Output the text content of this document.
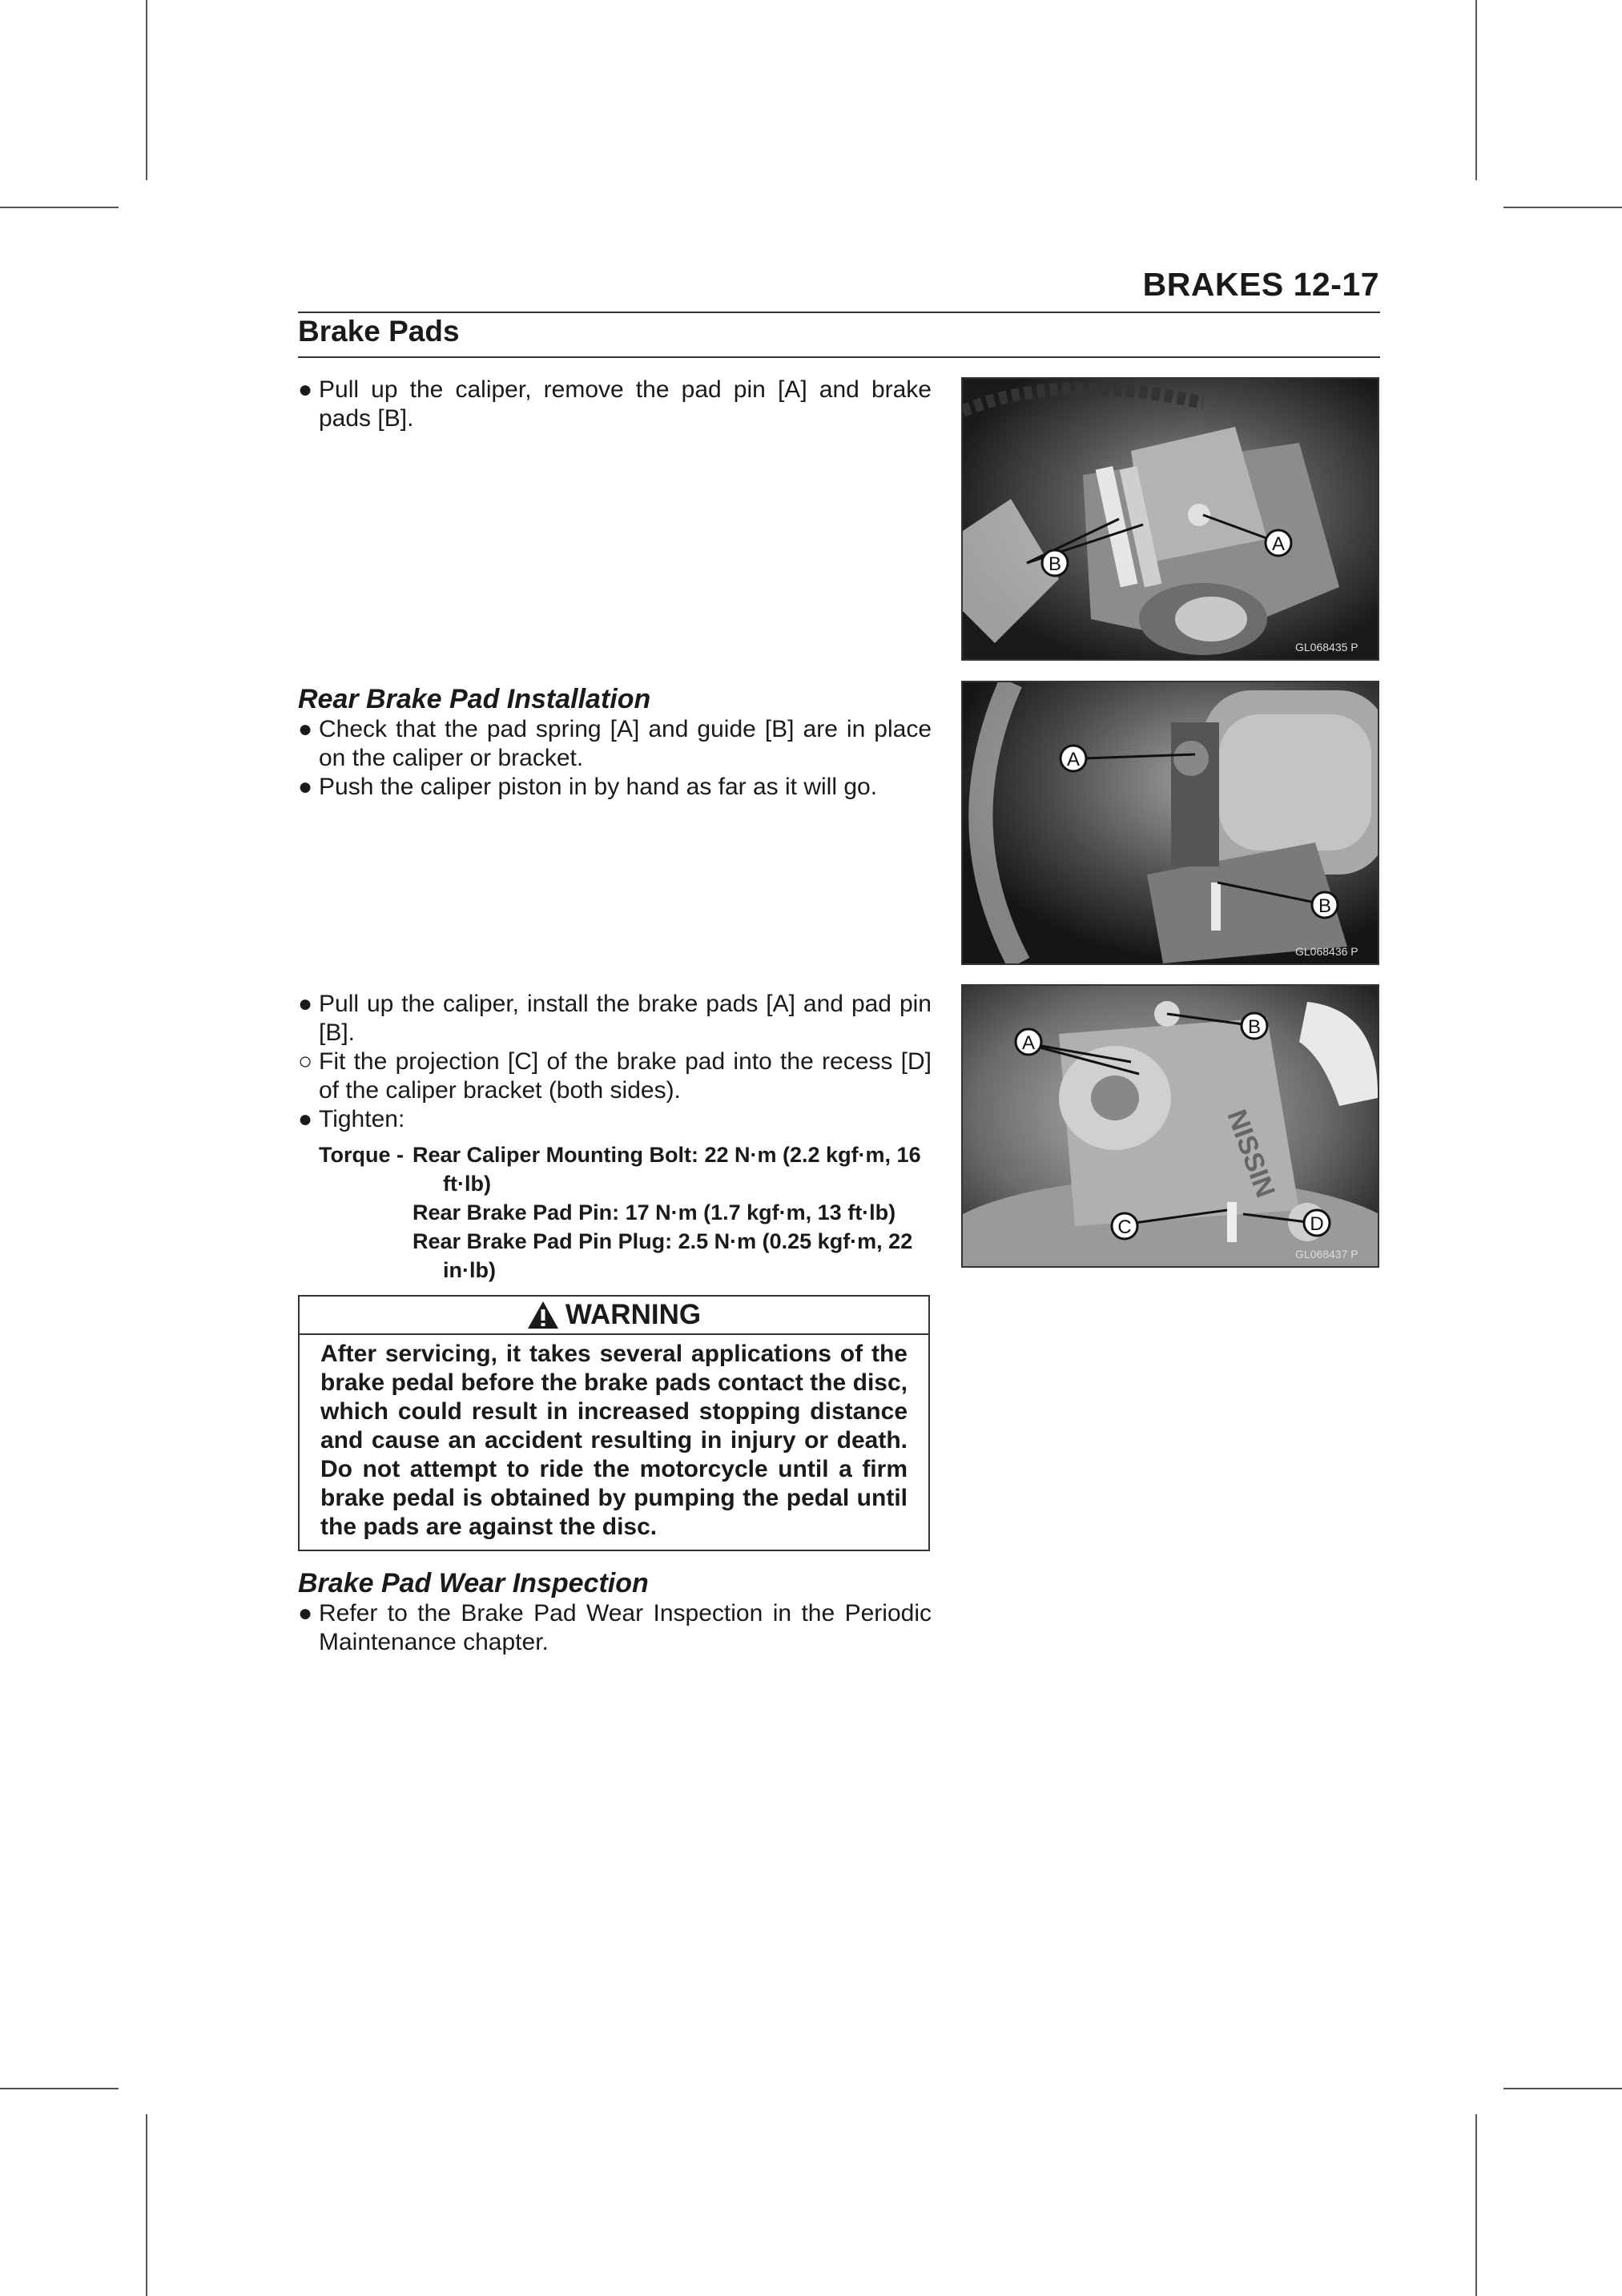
BRAKES 12-17
Brake Pads
● Pull up the caliper, remove the pad pin [A] and brake pads [B].
Rear Brake Pad Installation
● Check that the pad spring [A] and guide [B] are in place on the caliper or bracket.
● Push the caliper piston in by hand as far as it will go.
● Pull up the caliper, install the brake pads [A] and pad pin [B].
○ Fit the projection [C] of the brake pad into the recess [D] of the caliper bracket (both sides).
● Tighten:
Torque - Rear Caliper Mounting Bolt: 22 N·m (2.2 kgf·m, 16
ft·lb)
Rear Brake Pad Pin: 17 N·m (1.7 kgf·m, 13 ft·lb)
Rear Brake Pad Pin Plug: 2.5 N·m (0.25 kgf·m, 22
in·lb)
WARNING
After servicing, it takes several applications of the brake pedal before the brake pads contact the disc, which could result in increased stopping distance and cause an accident resulting in injury or death. Do not attempt to ride the motorcycle until a firm brake pedal is obtained by pumping the pedal until the pads are against the disc.
Brake Pad Wear Inspection
● Refer to the Brake Pad Wear Inspection in the Periodic Maintenance chapter.
A
B
GL068435 P
A
B
GL068436 P
NISSIN
B
A
C	D
GL068437 P
